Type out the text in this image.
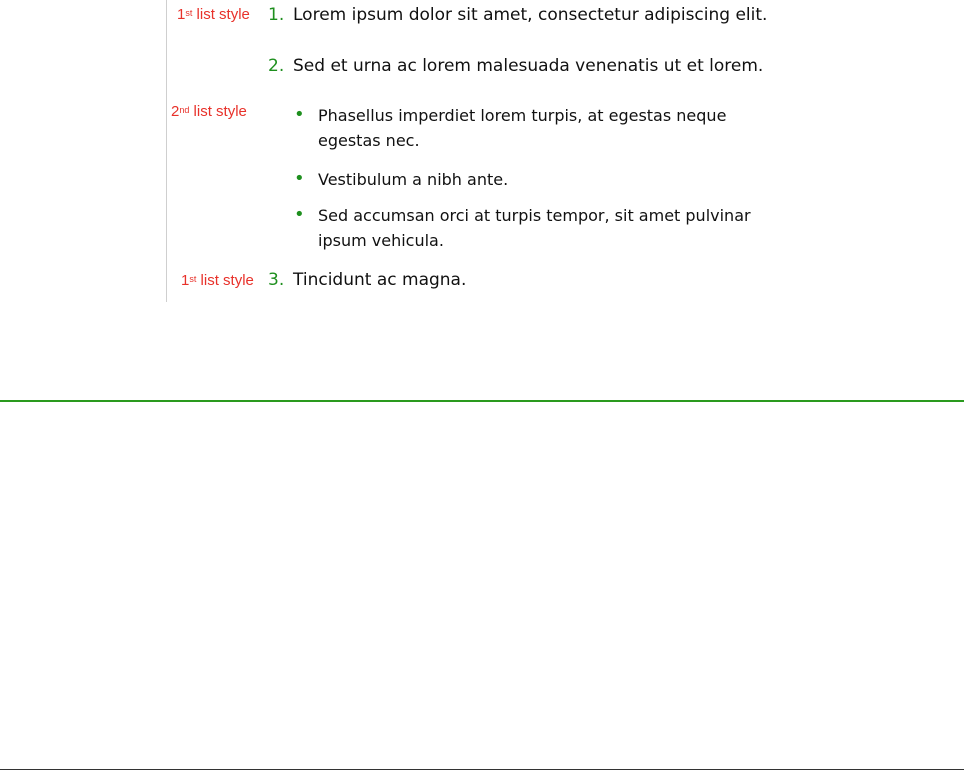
1st list style 1. Lorem ipsum dolor sit amet, consectetur adipiscing elit.
2. Sed et urna ac lorem malesuada venenatis ut et lorem.
2nd list style	• Phasellus imperdiet lorem turpis, at egestas neque egestas nec.
• Vestibulum a nibh ante.
• Sed accumsan orci at turpis tempor, sit amet pulvinar ipsum vehicula.
1st list style 3. Tincidunt ac magna.
